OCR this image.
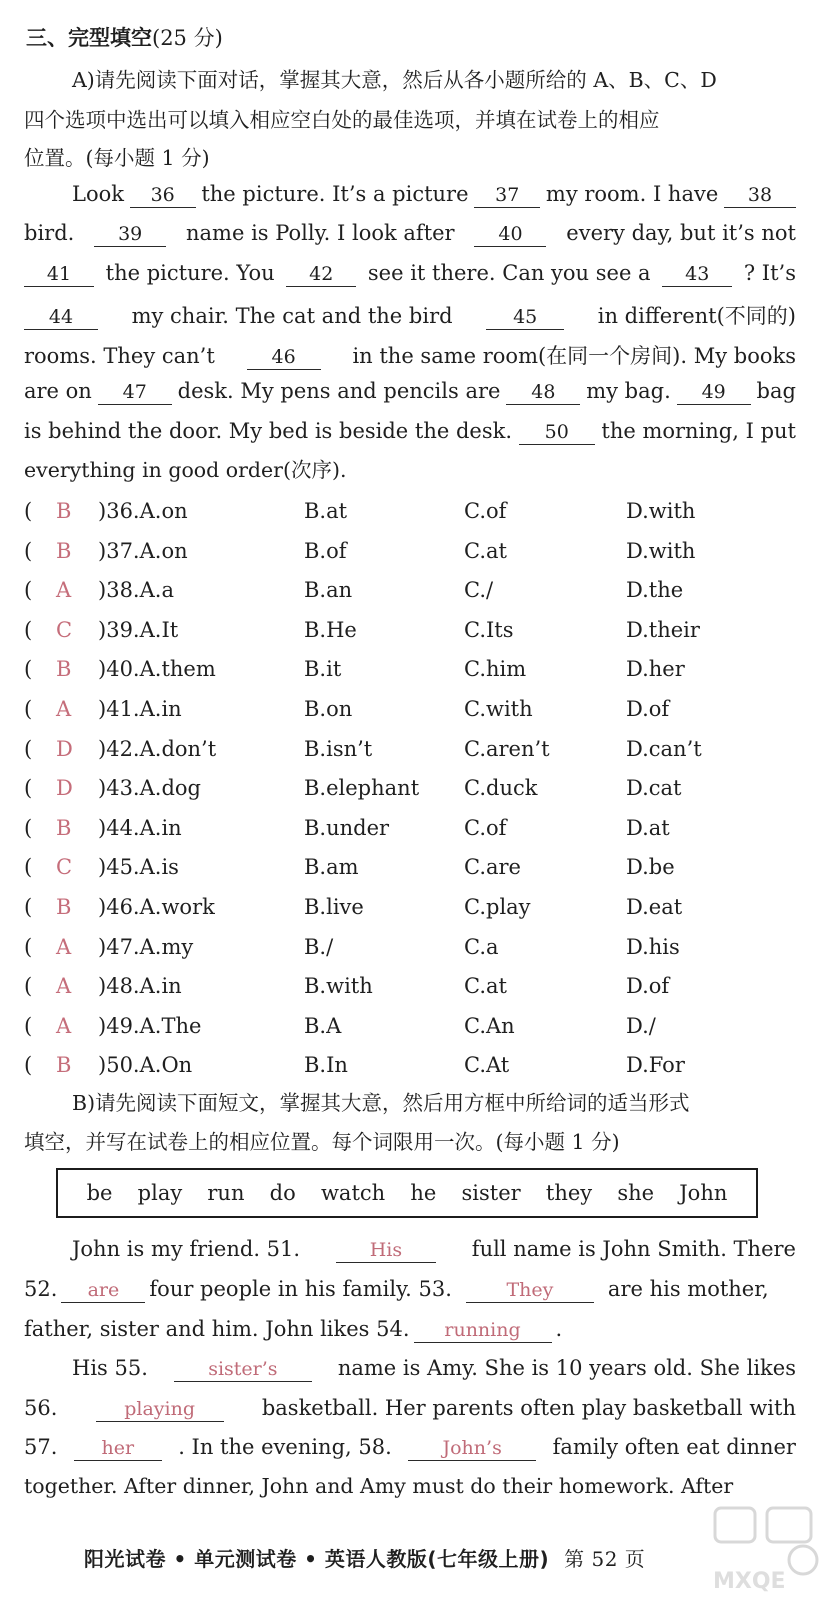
三、完型填空(25 分)
A)请先阅读下面对话，掌握其大意，然后从各小题所给的 A、B、C、D
四个选项中选出可以填入相应空白处的最佳选项，并填在试卷上的相应
位置。(每小题 1 分)
Look	36	the picture. It’s a picture	37	my room. I have	38
bird.	39	name is Polly. I look after	40	every day, but it’s not
41	the picture. You	42	see it there. Can you see a	43	? It’s
44	my chair. The cat and the bird	45	in different(不同的)
rooms. They can’t	46	in the same room(在同一个房间). My books
are on	47	desk. My pens and pencils are	48	my bag.	49	bag
is behind the door. My bed is beside the desk.	50	the morning, I put
everything in good order(次序).
( B )36.A.on	B.at	C.of	D.with
( B )37.A.on	B.of	C.at	D.with
( A )38.A.a	B.an	C./	D.the
( C )39.A.It	B.He	C.Its	D.their
( B )40.A.them	B.it	C.him	D.her
( A )41.A.in	B.on	C.with	D.of
( D )42.A.don’t	B.isn’t	C.aren’t	D.can’t
( D )43.A.dog	B.elephant C.duck	D.cat
( B )44.A.in	B.under	C.of	D.at
( C )45.A.is	B.am	C.are	D.be
( B )46.A.work	B.live	C.play	D.eat
( A )47.A.my	B./	C.a	D.his
( A )48.A.in	B.with	C.at	D.of
( A )49.A.The	B.A	C.An	D./
( B )50.A.On	B.In	C.At	D.For
B)请先阅读下面短文，掌握其大意，然后用方框中所给词的适当形式
填空，并写在试卷上的相应位置。每个词限用一次。(每小题 1 分)
be play run do watch he sister they she John
John is my friend. 51.	His	full name is John Smith. There
52.	are	four people in his family. 53.	They	are his mother,
father, sister and him. John likes 54.	running	.
His 55.	sister’s	name is Amy. She is 10 years old. She likes
56.	playing	basketball. Her parents often play basketball with
57.	her	. In the evening, 58.	John’s	family often eat dinner
together. After dinner, John and Amy must do their homework. After
阳光试卷 • 单元测试卷 • 英语人教版(七年级上册) 第 52 页
MXQE
